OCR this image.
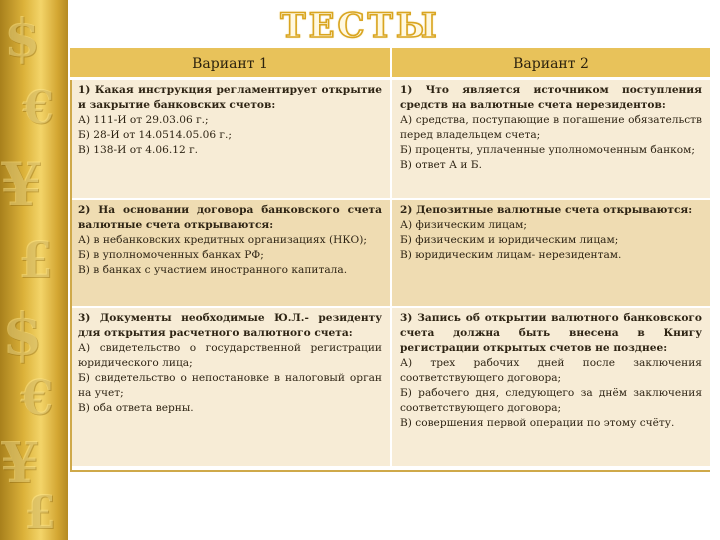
$
€
¥
£
$
€
¥
£
ТЕСТЫ
Вариант 1	Вариант 2
1) Какая инструкция регламентирует открытие и закрытие банковских счетов:
А) 111-И от 29.03.06 г.;
Б) 28-И от 14.0514.05.06 г.;
В) 138-И от 4.06.12 г.
1) Что является источником поступления средств на валютные счета нерезидентов:
А) средства, поступающие в погашение обязательств перед владельцем счета;
Б) проценты, уплаченные уполномоченным банком;
В) ответ А и Б.
2) На основании договора банковского счета валютные счета открываются:
А) в небанковских кредитных организациях (НКО);
Б) в уполномоченных банках РФ;
В) в банках с участием иностранного капитала.
2) Депозитные валютные счета открываются:
А) физическим лицам;
Б) физическим и юридическим лицам;
В) юридическим лицам- нерезидентам.
3) Документы необходимые Ю.Л.- резиденту для открытия расчетного валютного счета:
А) свидетельство о государственной регистрации юридического лица;
Б) свидетельство о непостановке в налоговый орган на учет;
В) оба ответа верны.
3) Запись об открытии валютного банковского счета должна быть внесена в Книгу регистрации открытых счетов не позднее:
А) трех рабочих дней после заключения соответствующего договора;
Б) рабочего дня, следующего за днём заключения соответствующего договора;
В) совершения первой операции по этому счёту.
